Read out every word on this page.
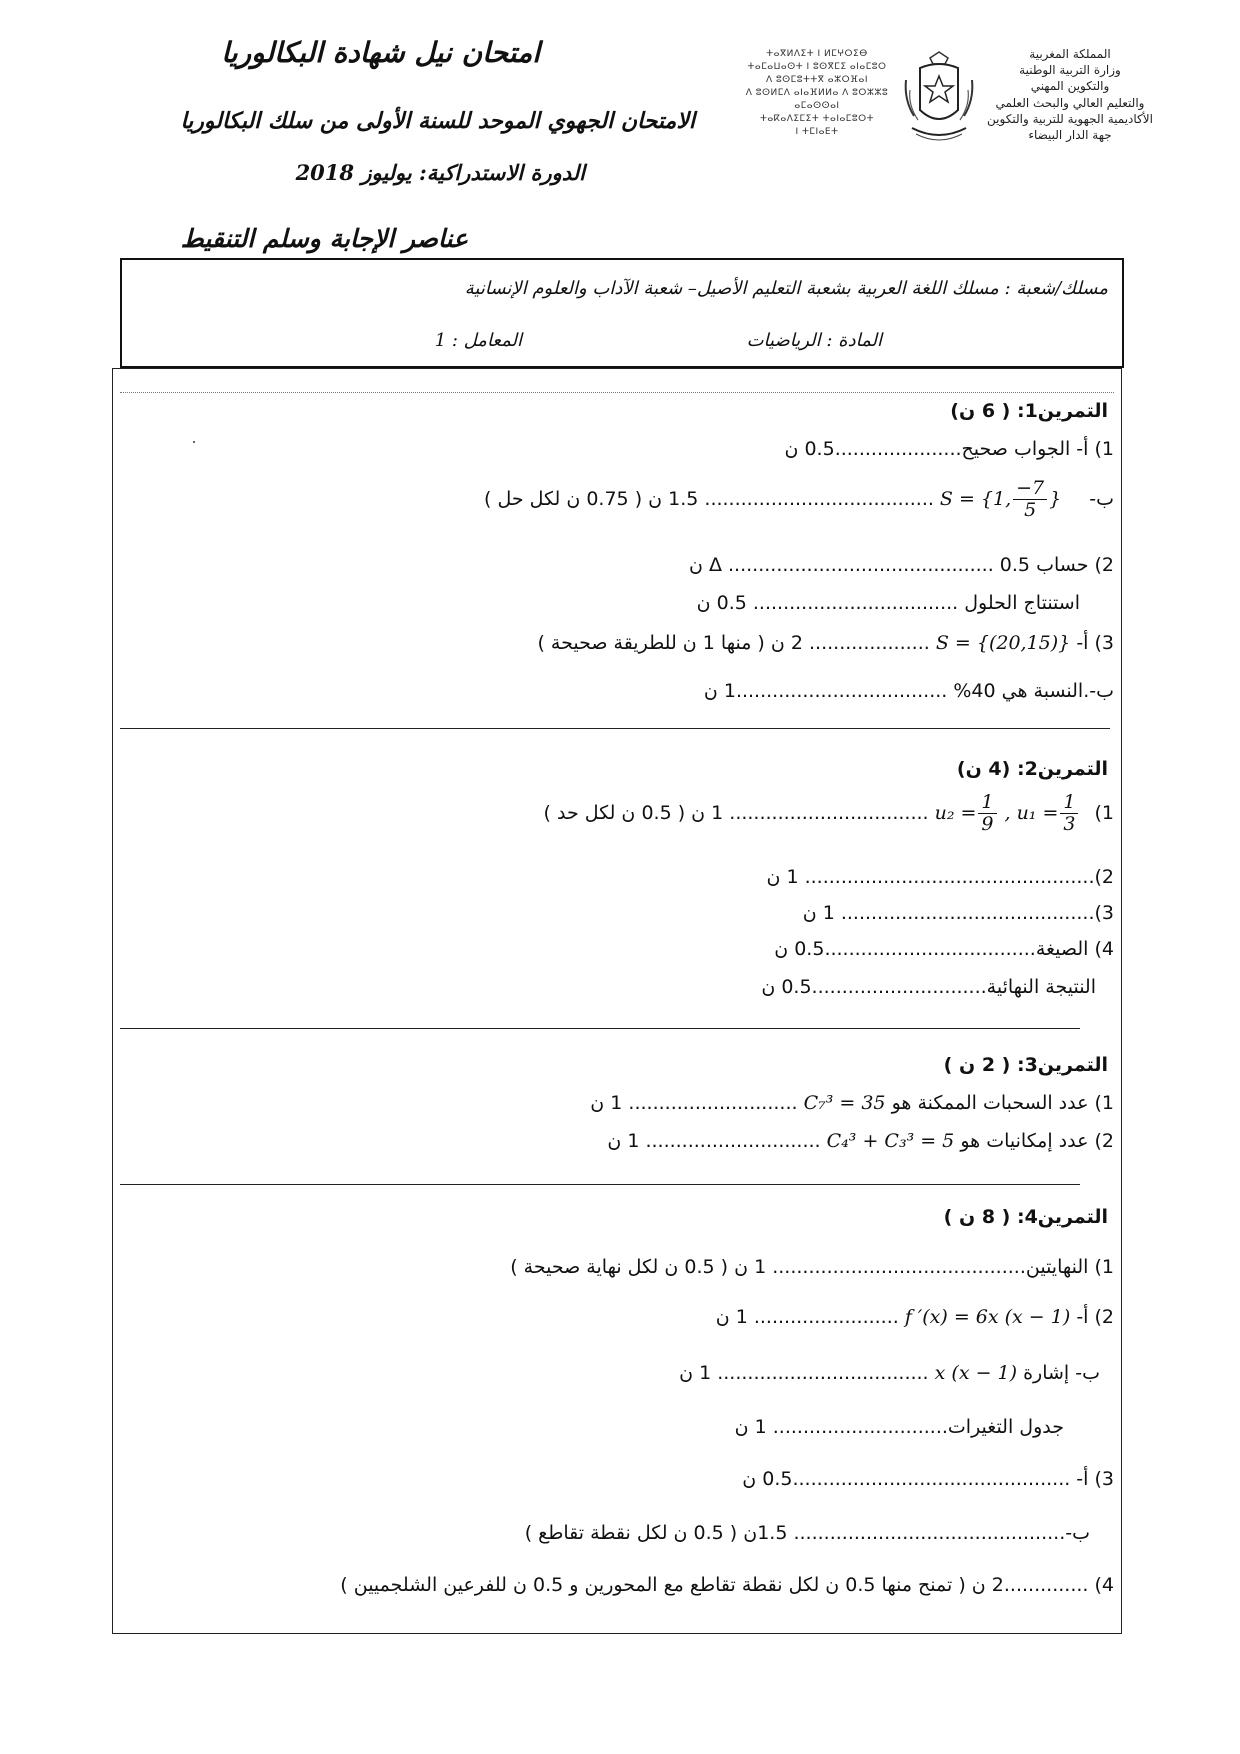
امتحان نيل شهادة البكالوريا
الامتحان الجهوي الموحد للسنة الأولى من سلك البكالوريا
الدورة الاستدراكية: يوليوز 2018
ⵜⴰⴳⵍⴷⵉⵜ ⵏ ⵍⵎⵖⵔⵉⴱ
ⵜⴰⵎⴰⵡⴰⵙⵜ ⵏ ⵓⵙⴳⵎⵉ ⴰⵏⴰⵎⵓⵔ
ⴷ ⵓⵙⵎⵓⵜⵜⴳ ⴰⵣⵔⴼⴰⵏ
ⴷ ⵓⵙⵍⵎⴷ ⴰⵏⴰⴼⵍⵍⴰ ⴷ ⵓⵔⵣⵣⵓ ⴰⵎⴰⵙⵙⴰⵏ
ⵜⴰⴽⴰⴷⵉⵎⵉⵜ ⵜⴰⵏⴰⵎⵓⵔⵜ
ⵏ ⵜⵎⵏⴰⴹⵜ
المملكة المغربية
وزارة التربية الوطنية
والتكوين المهني
والتعليم العالي والبحث العلمي
الأكاديمية الجهوية للتربية والتكوين
جهة الدار البيضاء
عناصر الإجابة وسلم التنقيط
مسلك/شعبة : مسلك اللغة العربية بشعبة التعليم الأصيل– شعبة الآداب والعلوم الإنسانية
المادة : الرياضيات
المعامل : 1
التمرين1: ( 6 ن)
1) أ- الجواب صحيح.....................0.5 ن
ب-
S = {1, $\frac{-7}{5}$ }
...................................... 1.5 ن ( 0.75 ن لكل حل )
2) حساب Δ ............................................ 0.5 ن
استنتاج الحلول .................................. 0.5 ن
3) أ- S = {(20,15)} .................... 2 ن ( منها 1 ن للطريقة صحيحة )
ب-.النسبة هي 40% ...................................1 ن
التمرين2: (4 ن)
1)
$u_2 = \frac{1}{9}$ , $u_1 = \frac{1}{3}$
................................. 1 ن ( 0.5 ن لكل حد )
2)................................................ 1 ن
3).......................................... 1 ن
4) الصيغة...................................0.5 ن
النتيجة النهائية.............................0.5 ن
التمرين3: ( 2 ن )
1) عدد السحبات الممكنة هو C₇³ = 35 ............................ 1 ن
2) عدد إمكانيات هو C₄³ + C₃³ = 5 ............................. 1 ن
التمرين4: ( 8 ن )
1) النهايتين.......................................... 1 ن ( 0.5 ن لكل نهاية صحيحة )
2) أ- f ′(x) = 6x (x − 1) ........................ 1 ن
ب- إشارة x (x − 1) ................................... 1 ن
جدول التغيرات............................. 1 ن
3) أ- ..............................................0.5 ن
ب-............................................. 1.5ن ( 0.5 ن لكل نقطة تقاطع )
4) ..............2 ن ( تمنح منها 0.5 ن لكل نقطة تقاطع مع المحورين و 0.5 ن للفرعين الشلجميين )
